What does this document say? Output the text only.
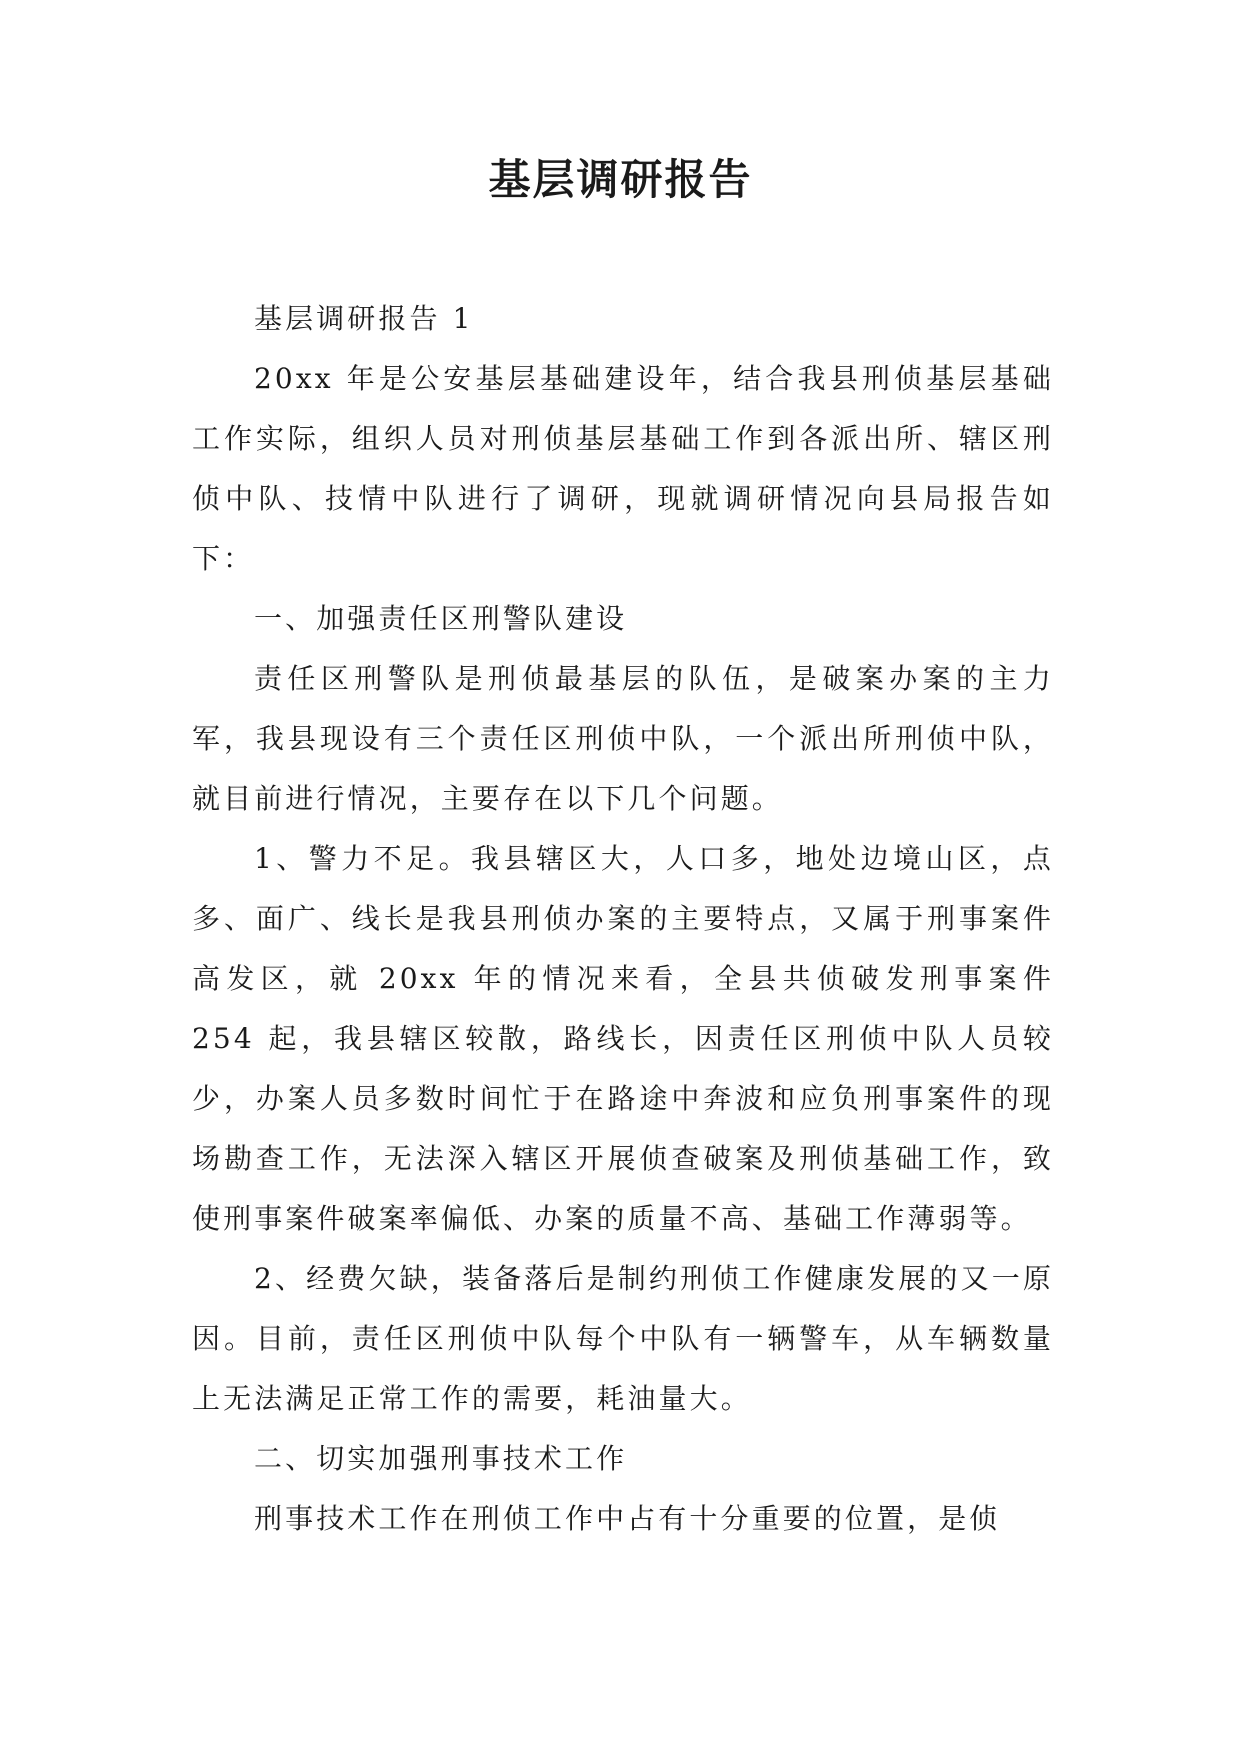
基层调研报告

基层调研报告 1

20xx 年是公安基层基础建设年，结合我县刑侦基层基础工作实际，组织人员对刑侦基层基础工作到各派出所、辖区刑侦中队、技情中队进行了调研，现就调研情况向县局报告如下：

一、加强责任区刑警队建设

责任区刑警队是刑侦最基层的队伍，是破案办案的主力军，我县现设有三个责任区刑侦中队，一个派出所刑侦中队，就目前进行情况，主要存在以下几个问题。

1、警力不足。我县辖区大，人口多，地处边境山区，点多、面广、线长是我县刑侦办案的主要特点，又属于刑事案件高发区，就 20xx 年的情况来看，全县共侦破发刑事案件 254 起，我县辖区较散，路线长，因责任区刑侦中队人员较少，办案人员多数时间忙于在路途中奔波和应负刑事案件的现场勘查工作，无法深入辖区开展侦查破案及刑侦基础工作，致使刑事案件破案率偏低、办案的质量不高、基础工作薄弱等。

2、经费欠缺，装备落后是制约刑侦工作健康发展的又一原因。目前，责任区刑侦中队每个中队有一辆警车，从车辆数量上无法满足正常工作的需要，耗油量大。

二、切实加强刑事技术工作

刑事技术工作在刑侦工作中占有十分重要的位置，是侦
